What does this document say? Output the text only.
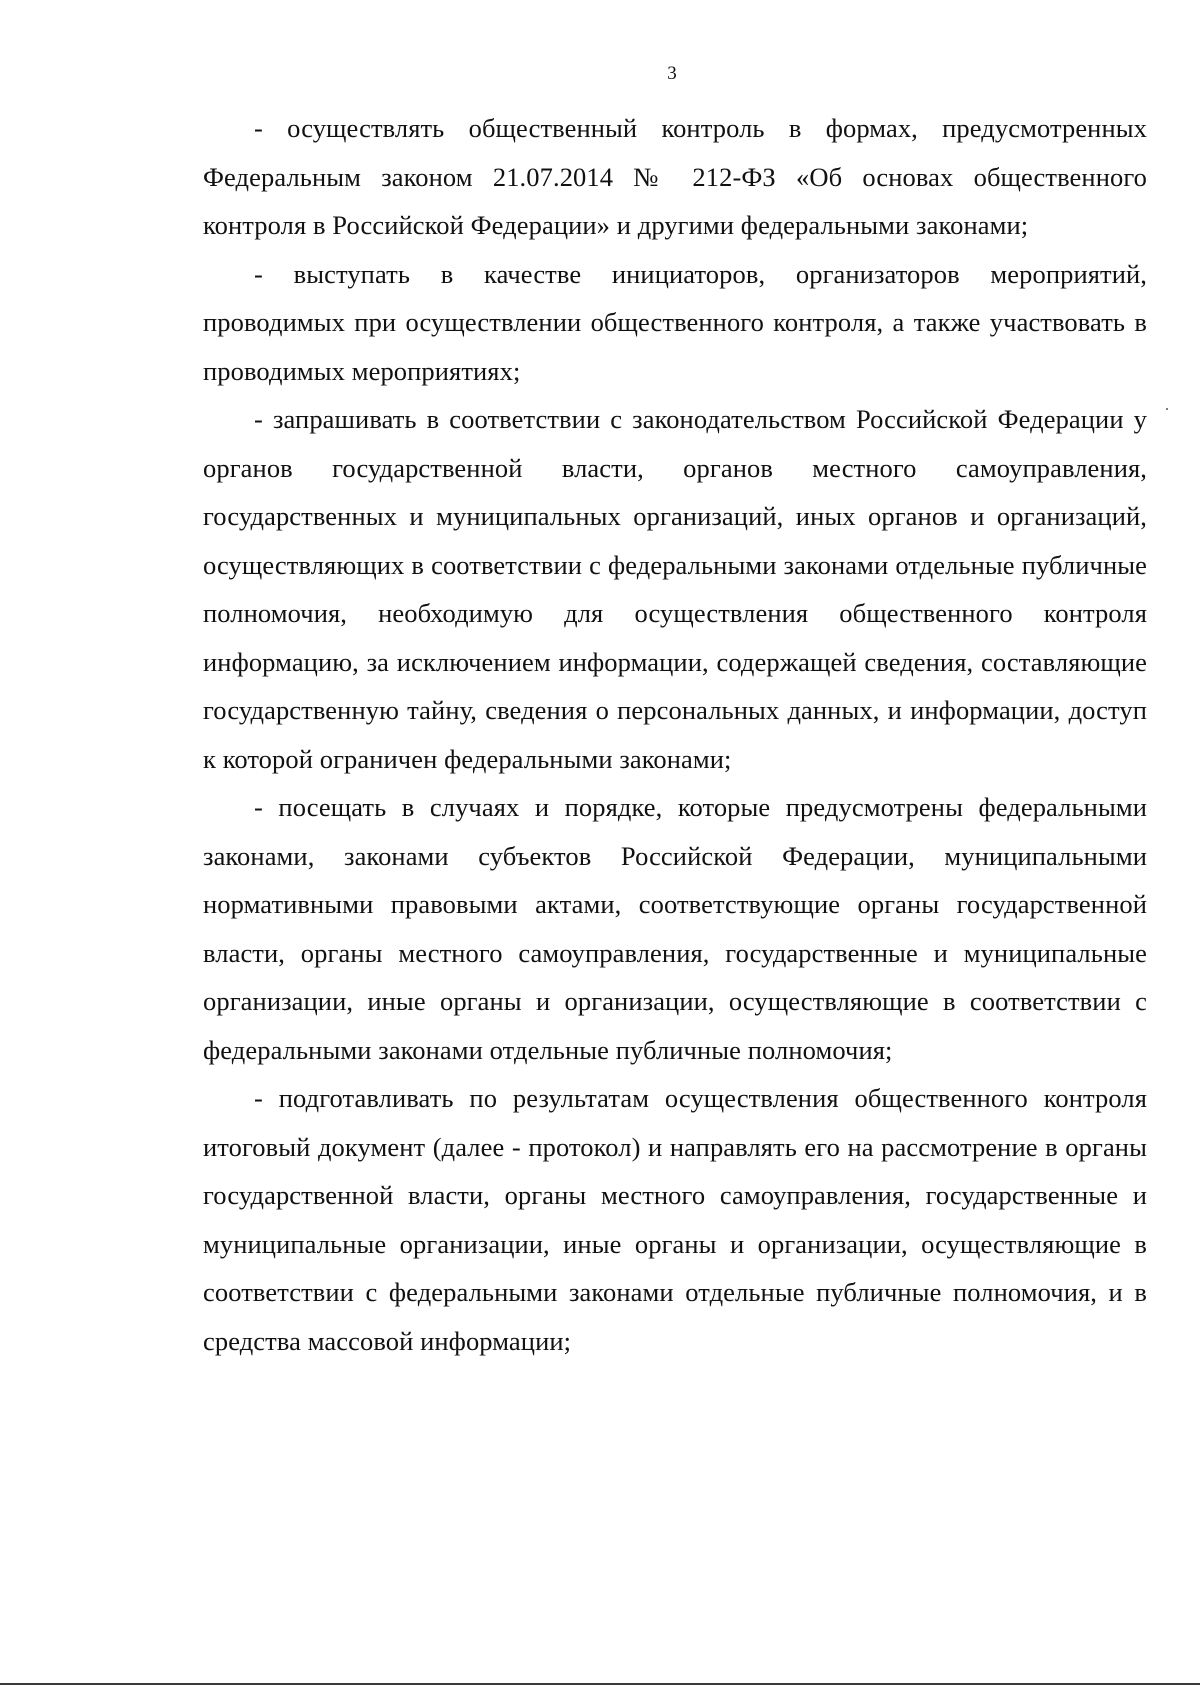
3

- осуществлять общественный контроль в формах, предусмотренных Федеральным законом 21.07.2014 № 212-ФЗ «Об основах общественного контроля в Российской Федерации» и другими федеральными законами;

- выступать в качестве инициаторов, организаторов мероприятий, проводимых при осуществлении общественного контроля, а также участвовать в проводимых мероприятиях;

- запрашивать в соответствии с законодательством Российской Федерации у органов государственной власти, органов местного самоуправления, государственных и муниципальных организаций, иных органов и организаций, осуществляющих в соответствии с федеральными законами отдельные публичные полномочия, необходимую для осуществления общественного контроля информацию, за исключением информации, содержащей сведения, составляющие государственную тайну, сведения о персональных данных, и информации, доступ к которой ограничен федеральными законами;

- посещать в случаях и порядке, которые предусмотрены федеральными законами, законами субъектов Российской Федерации, муниципальными нормативными правовыми актами, соответствующие органы государственной власти, органы местного самоуправления, государственные и муниципальные организации, иные органы и организации, осуществляющие в соответствии с федеральными законами отдельные публичные полномочия;

- подготавливать по результатам осуществления общественного контроля итоговый документ (далее - протокол) и направлять его на рассмотрение в органы государственной власти, органы местного самоуправления, государственные и муниципальные организации, иные органы и организации, осуществляющие в соответствии с федеральными законами отдельные публичные полномочия, и в средства массовой информации;
